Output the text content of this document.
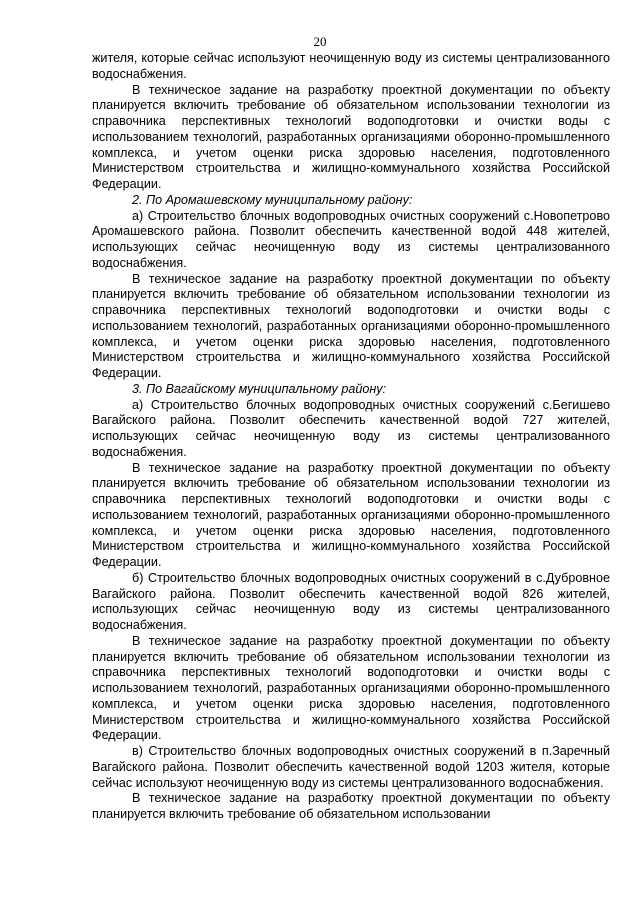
20

жителя, которые сейчас используют неочищенную воду из системы централизованного водоснабжения.

В техническое задание на разработку проектной документации по объекту планируется включить требование об обязательном использовании технологии из справочника перспективных технологий водоподготовки и очистки воды с использованием технологий, разработанных организациями оборонно-промышленного комплекса, и учетом оценки риска здоровью населения, подготовленного Министерством строительства и жилищно-коммунального хозяйства Российской Федерации.

2. По Аромашевскому муниципальному району:

а) Строительство блочных водопроводных очистных сооружений с.Новопетрово Аромашевского района. Позволит обеспечить качественной водой 448 жителей, использующих сейчас неочищенную воду из системы централизованного водоснабжения.

В техническое задание на разработку проектной документации по объекту планируется включить требование об обязательном использовании технологии из справочника перспективных технологий водоподготовки и очистки воды с использованием технологий, разработанных организациями оборонно-промышленного комплекса, и учетом оценки риска здоровью населения, подготовленного Министерством строительства и жилищно-коммунального хозяйства Российской Федерации.

3. По Вагайскому муниципальному району:

а) Строительство блочных водопроводных очистных сооружений с.Бегишево Вагайского района. Позволит обеспечить качественной водой 727 жителей, использующих сейчас неочищенную воду из системы централизованного водоснабжения.

В техническое задание на разработку проектной документации по объекту планируется включить требование об обязательном использовании технологии из справочника перспективных технологий водоподготовки и очистки воды с использованием технологий, разработанных организациями оборонно-промышленного комплекса, и учетом оценки риска здоровью населения, подготовленного Министерством строительства и жилищно-коммунального хозяйства Российской Федерации.

б) Строительство блочных водопроводных очистных сооружений в с.Дубровное Вагайского района. Позволит обеспечить качественной водой 826 жителей, использующих сейчас неочищенную воду из системы централизованного водоснабжения.

В техническое задание на разработку проектной документации по объекту планируется включить требование об обязательном использовании технологии из справочника перспективных технологий водоподготовки и очистки воды с использованием технологий, разработанных организациями оборонно-промышленного комплекса, и учетом оценки риска здоровью населения, подготовленного Министерством строительства и жилищно-коммунального хозяйства Российской Федерации.

в) Строительство блочных водопроводных очистных сооружений в п.Заречный Вагайского района. Позволит обеспечить качественной водой 1203 жителя, которые сейчас используют неочищенную воду из системы централизованного водоснабжения.

В техническое задание на разработку проектной документации по объекту планируется включить требование об обязательном использовании
